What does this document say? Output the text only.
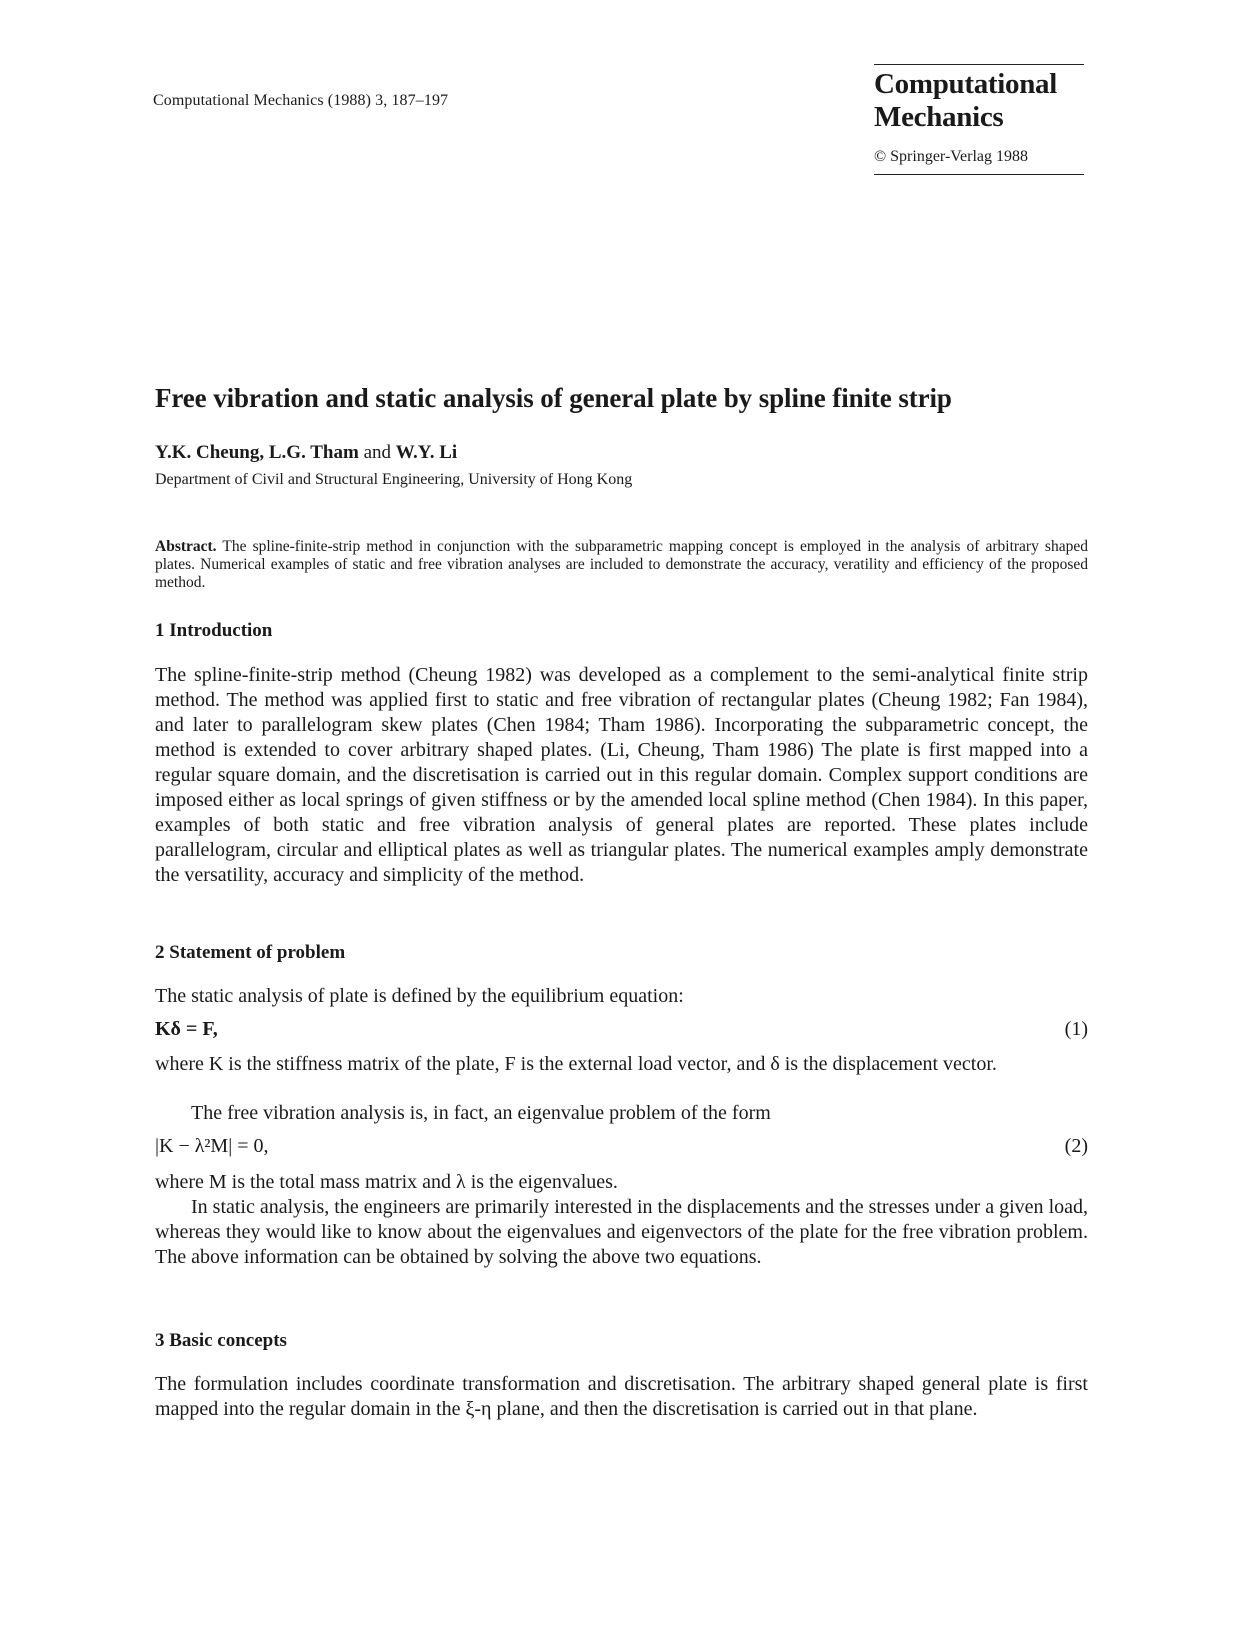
Computational Mechanics (1988) 3, 187–197
Computational
Mechanics
© Springer-Verlag 1988
Free vibration and static analysis of general plate by spline finite strip
Y.K. Cheung, L.G. Tham and W.Y. Li
Department of Civil and Structural Engineering, University of Hong Kong
Abstract. The spline-finite-strip method in conjunction with the subparametric mapping concept is employed in the analysis of arbitrary shaped plates. Numerical examples of static and free vibration analyses are included to demonstrate the accuracy, veratility and efficiency of the proposed method.
1 Introduction
The spline-finite-strip method (Cheung 1982) was developed as a complement to the semi-analytical finite strip method. The method was applied first to static and free vibration of rectangular plates (Cheung 1982; Fan 1984), and later to parallelogram skew plates (Chen 1984; Tham 1986). Incorporating the subparametric concept, the method is extended to cover arbitrary shaped plates. (Li, Cheung, Tham 1986) The plate is first mapped into a regular square domain, and the discretisation is carried out in this regular domain. Complex support conditions are imposed either as local springs of given stiffness or by the amended local spline method (Chen 1984). In this paper, examples of both static and free vibration analysis of general plates are reported. These plates include parallelogram, circular and elliptical plates as well as triangular plates. The numerical examples amply demonstrate the versatility, accuracy and simplicity of the method.
2 Statement of problem
The static analysis of plate is defined by the equilibrium equation:
Kδ = F,	(1)
where K is the stiffness matrix of the plate, F is the external load vector, and δ is the displacement vector.
The free vibration analysis is, in fact, an eigenvalue problem of the form
|K − λ²M| = 0,	(2)
where M is the total mass matrix and λ is the eigenvalues.
In static analysis, the engineers are primarily interested in the displacements and the stresses under a given load, whereas they would like to know about the eigenvalues and eigenvectors of the plate for the free vibration problem. The above information can be obtained by solving the above two equations.
3 Basic concepts
The formulation includes coordinate transformation and discretisation. The arbitrary shaped general plate is first mapped into the regular domain in the ξ-η plane, and then the discretisation is carried out in that plane.
